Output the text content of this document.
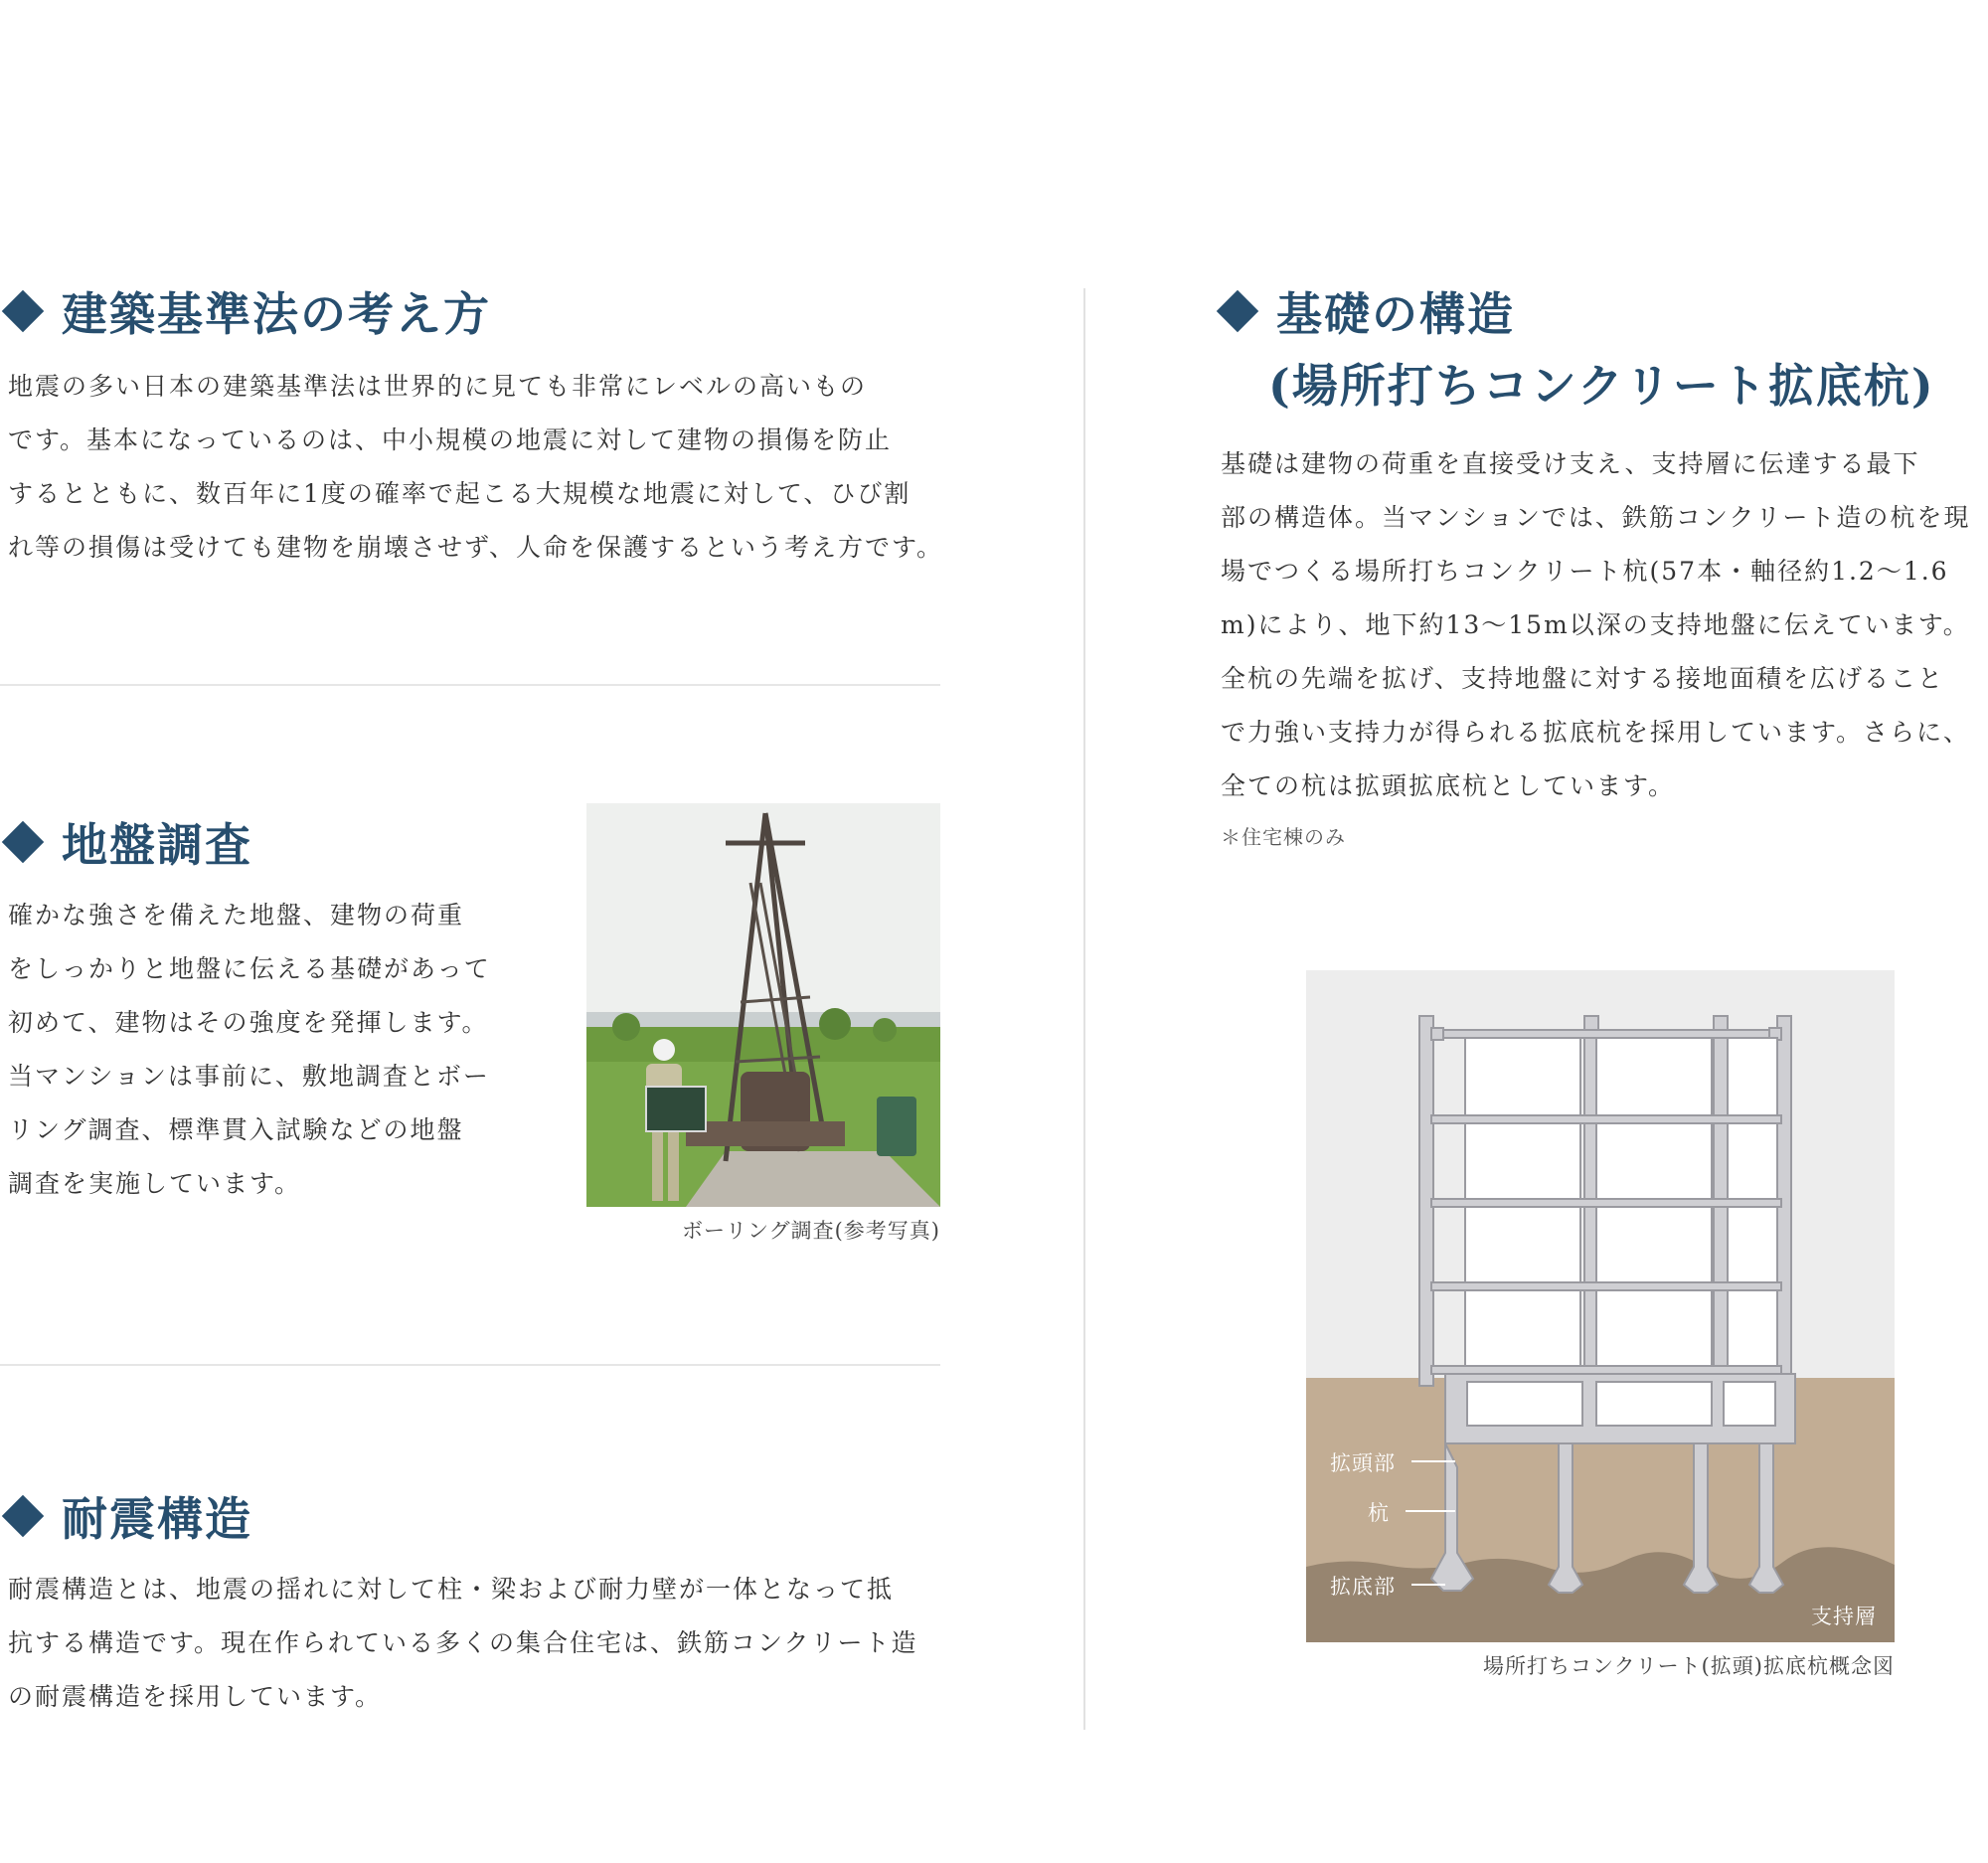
建築基準法の考え方
地震の多い日本の建築基準法は世界的に見ても非常にレベルの高いもの
です。基本になっているのは、中小規模の地震に対して建物の損傷を防止
するとともに、数百年に1度の確率で起こる大規模な地震に対して、ひび割
れ等の損傷は受けても建物を崩壊させず、人命を保護するという考え方です。
地盤調査
確かな強さを備えた地盤、建物の荷重
をしっかりと地盤に伝える基礎があって
初めて、建物はその強度を発揮します。
当マンションは事前に、敷地調査とボー
リング調査、標準貫入試験などの地盤
調査を実施しています。
ボーリング調査(参考写真)
耐震構造
耐震構造とは、地震の揺れに対して柱・梁および耐力壁が一体となって抵
抗する構造です。現在作られている多くの集合住宅は、鉄筋コンクリート造
の耐震構造を採用しています。
基礎の構造
(場所打ちコンクリート拡底杭)
基礎は建物の荷重を直接受け支え、支持層に伝達する最下
部の構造体。当マンションでは、鉄筋コンクリート造の杭を現
場でつくる場所打ちコンクリート杭(57本・軸径約1.2〜1.6
m)により、地下約13〜15m以深の支持地盤に伝えています。
全杭の先端を拡げ、支持地盤に対する接地面積を広げること
で力強い支持力が得られる拡底杭を採用しています。さらに、
全ての杭は拡頭拡底杭としています。
＊住宅棟のみ
拡頭部
杭
拡底部
支持層
場所打ちコンクリート(拡頭)拡底杭概念図
